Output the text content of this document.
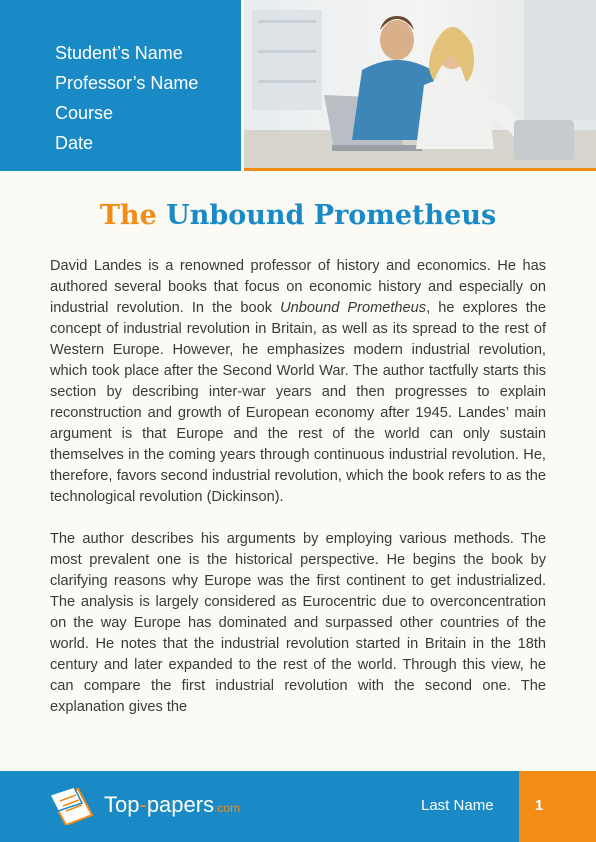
Student’s Name
Professor’s Name
Course
Date
The Unbound Prometheus

David Landes is a renowned professor of history and economics. He has authored several books that focus on economic history and especially on industrial revolution. In the book Unbound Prometheus, he explores the concept of industrial revolution in Britain, as well as its spread to the rest of Western Europe. However, he emphasizes modern industrial revolution, which took place after the Second World War. The author tactfully starts this section by describing inter-war years and then progresses to explain reconstruction and growth of European economy after 1945. Landes’ main argument is that Europe and the rest of the world can only sustain themselves in the coming years through continuous industrial revolution. He, therefore, favors second industrial revolution, which the book refers to as the technological revolution (Dickinson).

The author describes his arguments by employing various methods. The most prevalent one is the historical perspective. He begins the book by clarifying reasons why Europe was the first continent to get industrialized. The analysis is largely considered as Eurocentric due to overconcentration on the way Europe has dominated and surpassed other countries of the world. He notes that the industrial revolution started in Britain in the 18th century and later expanded to the rest of the world. Through this view, he can compare the first industrial revolution with the second one. The explanation gives the

Top-papers.com	Last Name	1
